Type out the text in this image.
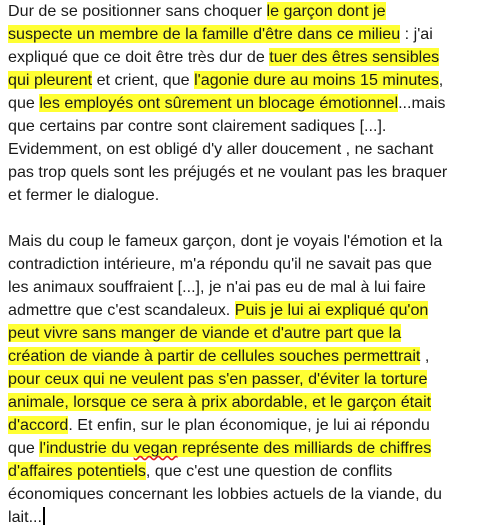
Dur de se positionner sans choquer le garçon dont je
suspecte un membre de la famille d'être dans ce milieu : j'ai
expliqué que ce doit être très dur de tuer des êtres sensibles
qui pleurent et crient, que l'agonie dure au moins 15 minutes,
que les employés ont sûrement un blocage émotionnel...mais
que certains par contre sont clairement sadiques [...].
Evidemment, on est obligé d'y aller doucement , ne sachant
pas trop quels sont les préjugés et ne voulant pas les braquer
et fermer le dialogue.

Mais du coup le fameux garçon, dont je voyais l'émotion et la
contradiction intérieure, m'a répondu qu'il ne savait pas que
les animaux souffraient [...], je n'ai pas eu de mal à lui faire
admettre que c'est scandaleux. Puis je lui ai expliqué qu'on
peut vivre sans manger de viande et d'autre part que la
création de viande à partir de cellules souches permettrait ,
pour ceux qui ne veulent pas s'en passer, d'éviter la torture
animale, lorsque ce sera à prix abordable, et le garçon était
d'accord. Et enfin, sur le plan économique, je lui ai répondu
que l'industrie du vegan représente des milliards de chiffres
d'affaires potentiels, que c'est une question de conflits
économiques concernant les lobbies actuels de la viande, du
lait...
